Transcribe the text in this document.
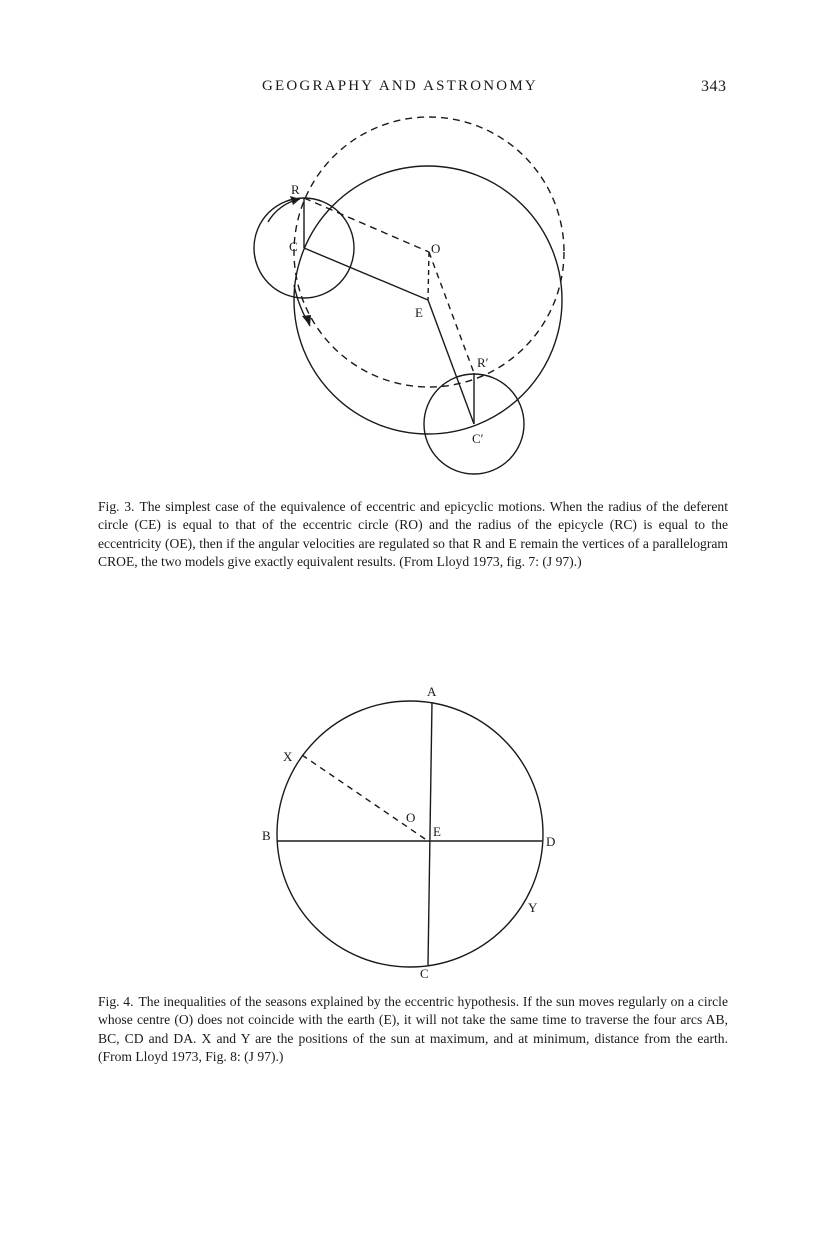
GEOGRAPHY AND ASTRONOMY	343
R
C	O
E
R′
C′

Fig. 3. The simplest case of the equivalence of eccentric and epicyclic motions. When the radius of the deferent circle (CE) is equal to that of the eccentric circle (RO) and the radius of the epicycle (RC) is equal to the eccentricity (OE), then if the angular velocities are regulated so that R and E remain the vertices of a parallelogram CROE, the two models give exactly equivalent results. (From Lloyd 1973, fig. 7: (J 97).)

A
B
C
D
O
E
X
Y

Fig. 4. The inequalities of the seasons explained by the eccentric hypothesis. If the sun moves regularly on a circle whose centre (O) does not coincide with the earth (E), it will not take the same time to traverse the four arcs AB, BC, CD and DA. X and Y are the positions of the sun at maximum, and at minimum, distance from the earth. (From Lloyd 1973, Fig. 8: (J 97).)
